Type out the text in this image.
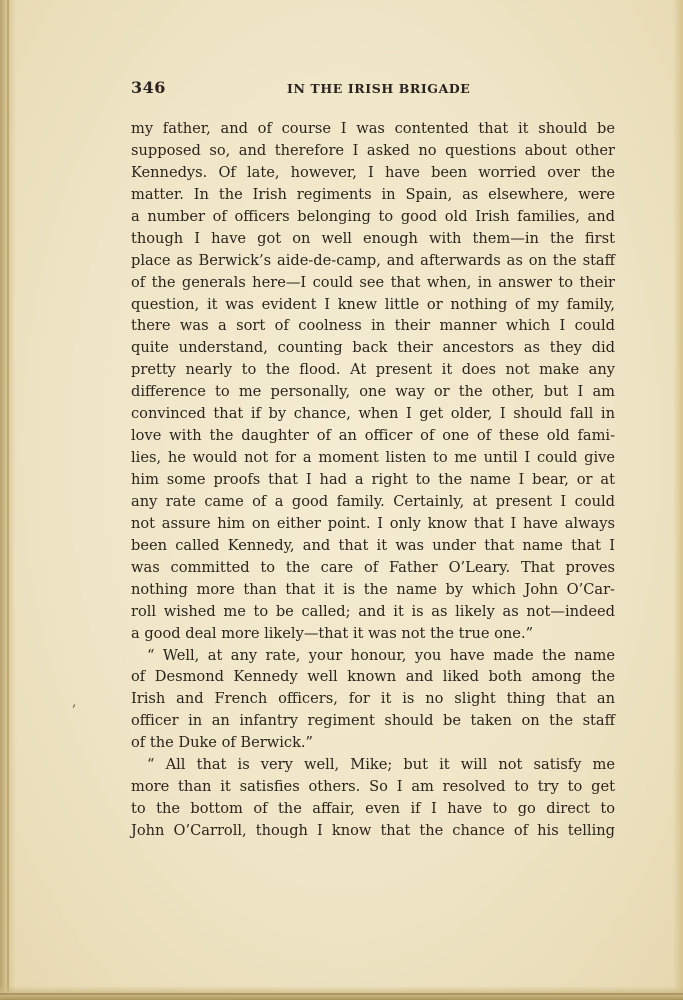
346	IN THE IRISH BRIGADE
,
my father, and of course I was contented that it should be
supposed so, and therefore I asked no questions about other
Kennedys. Of late, however, I have been worried over the
matter. In the Irish regiments in Spain, as elsewhere, were
a number of officers belonging to good old Irish families, and
though I have got on well enough with them—in the first
place as Berwick’s aide-de-camp, and afterwards as on the staff
of the generals here—I could see that when, in answer to their
question, it was evident I knew little or nothing of my family,
there was a sort of coolness in their manner which I could
quite understand, counting back their ancestors as they did
pretty nearly to the flood. At present it does not make any
difference to me personally, one way or the other, but I am
convinced that if by chance, when I get older, I should fall in
love with the daughter of an officer of one of these old fami-
lies, he would not for a moment listen to me until I could give
him some proofs that I had a right to the name I bear, or at
any rate came of a good family. Certainly, at present I could
not assure him on either point. I only know that I have always
been called Kennedy, and that it was under that name that I
was committed to the care of Father O’Leary. That proves
nothing more than that it is the name by which John O’Car-
roll wished me to be called; and it is as likely as not—indeed
a good deal more likely—that it was not the true one.”
“ Well, at any rate, your honour, you have made the name
of Desmond Kennedy well known and liked both among the
Irish and French officers, for it is no slight thing that an
officer in an infantry regiment should be taken on the staff
of the Duke of Berwick.”
“ All that is very well, Mike; but it will not satisfy me
more than it satisfies others. So I am resolved to try to get
to the bottom of the affair, even if I have to go direct to
John O’Carroll, though I know that the chance of his telling
